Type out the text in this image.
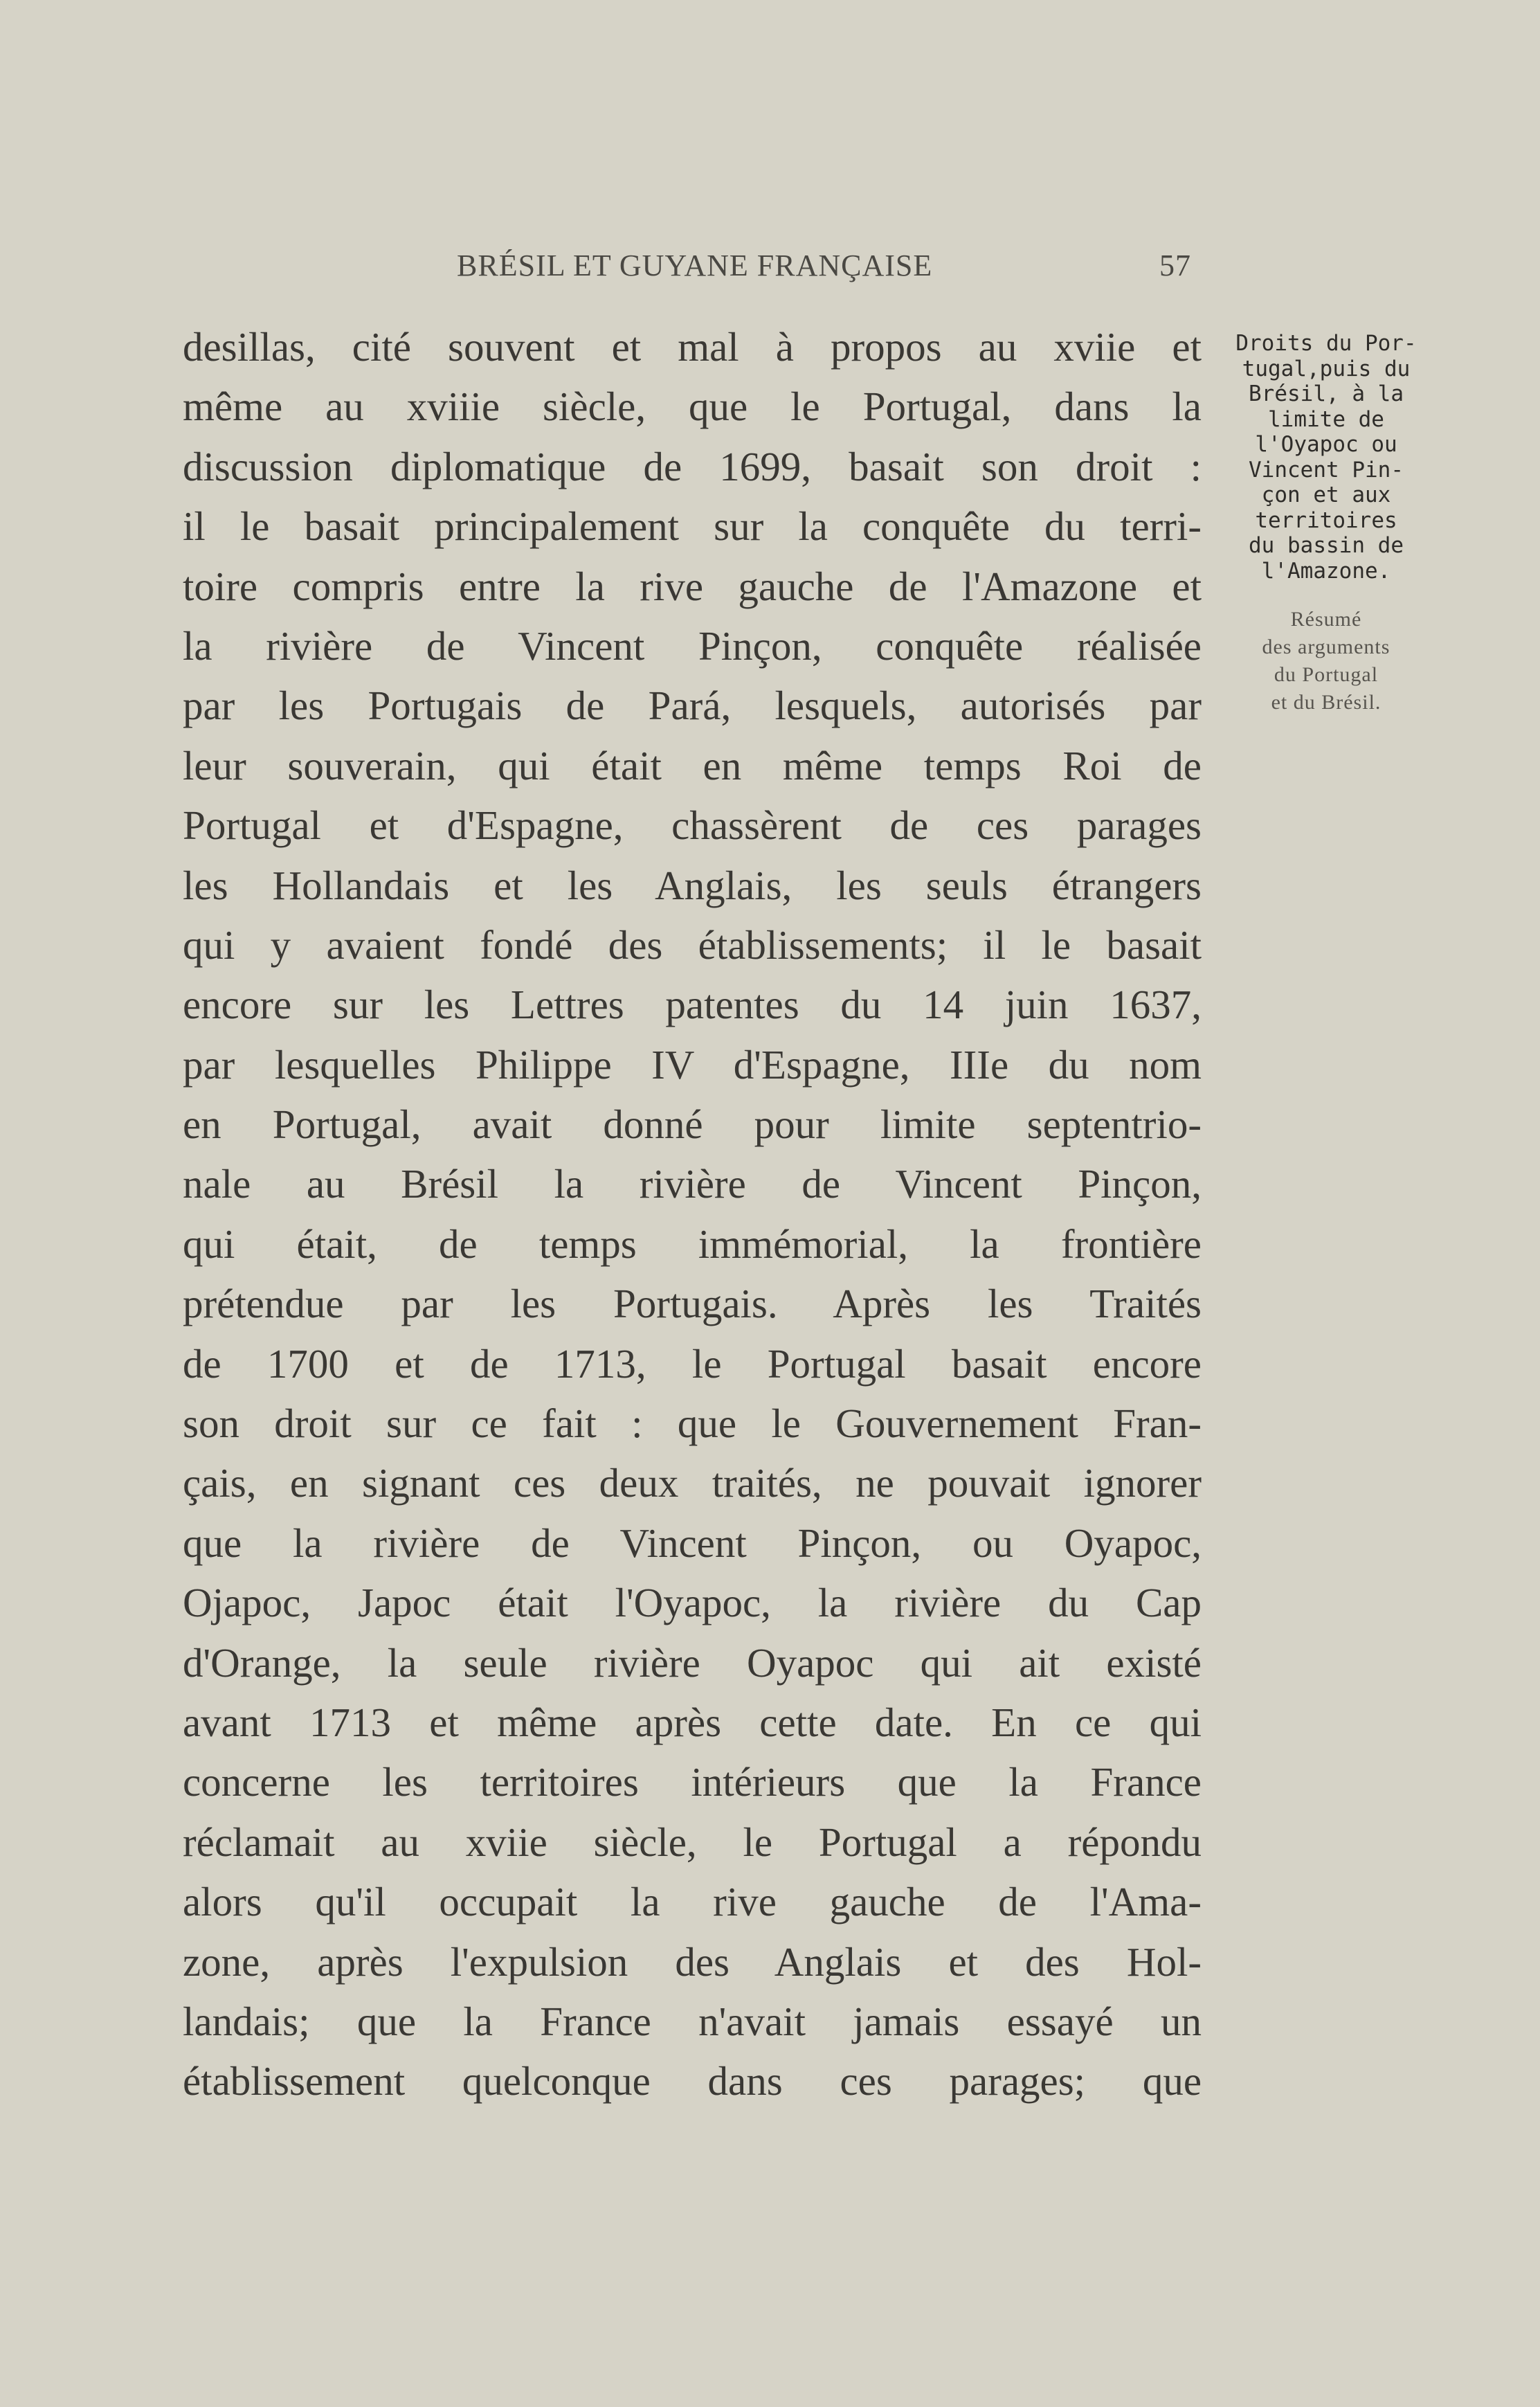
BRÉSIL ET GUYANE FRANÇAISE	57
desillas, cité souvent et mal à propos au xviie et
même au xviiie siècle, que le Portugal, dans la
discussion diplomatique de 1699, basait son droit :
il le basait principalement sur la conquête du terri-
toire compris entre la rive gauche de l'Amazone et
la rivière de Vincent Pinçon, conquête réalisée
par les Portugais de Pará, lesquels, autorisés par
leur souverain, qui était en même temps Roi de
Portugal et d'Espagne, chassèrent de ces parages
les Hollandais et les Anglais, les seuls étrangers
qui y avaient fondé des établissements; il le basait
encore sur les Lettres patentes du 14 juin 1637,
par lesquelles Philippe IV d'Espagne, IIIe du nom
en Portugal, avait donné pour limite septentrio-
nale au Brésil la rivière de Vincent Pinçon,
qui était, de temps immémorial, la frontière
prétendue par les Portugais. Après les Traités
de 1700 et de 1713, le Portugal basait encore
son droit sur ce fait : que le Gouvernement Fran-
çais, en signant ces deux traités, ne pouvait ignorer
que la rivière de Vincent Pinçon, ou Oyapoc,
Ojapoc, Japoc était l'Oyapoc, la rivière du Cap
d'Orange, la seule rivière Oyapoc qui ait existé
avant 1713 et même après cette date. En ce qui
concerne les territoires intérieurs que la France
réclamait au xviie siècle, le Portugal a répondu
alors qu'il occupait la rive gauche de l'Ama-
zone, après l'expulsion des Anglais et des Hol-
landais; que la France n'avait jamais essayé un
établissement quelconque dans ces parages; que
Droits du Por-
tugal,puis du
Brésil, à la
limite de
l'Oyapoc ou
Vincent Pin-
çon et aux
territoires
du bassin de
l'Amazone.
Résumé
des arguments
du Portugal
et du Brésil.
